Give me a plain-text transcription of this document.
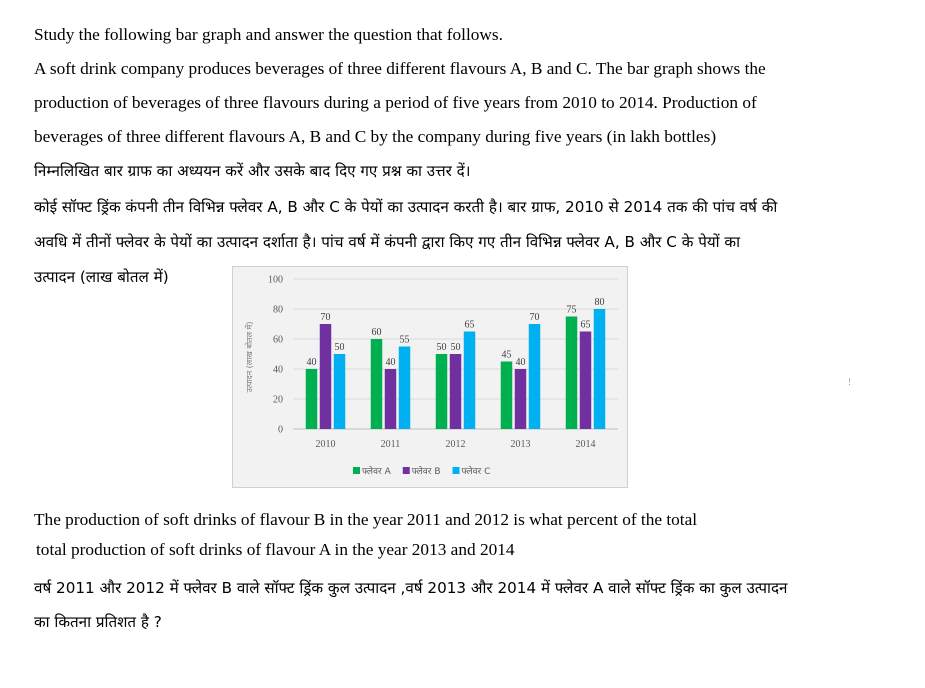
Study the following bar graph and answer the question that follows.
A soft drink company produces beverages of three different flavours A, B and C. The bar graph shows the
production of beverages of three flavours during a period of five years from 2010 to 2014. Production of
beverages of three different flavours A, B and C by the company during five years (in lakh bottles)
निम्नलिखित बार ग्राफ का अध्ययन करें और उसके बाद दिए गए प्रश्न का उत्तर दें।
कोई सॉफ्ट ड्रिंक कंपनी तीन विभिन्न फ्लेवर A, B और C के पेयों का उत्पादन करती है। बार ग्राफ, 2010 से 2014 तक की पांच वर्ष की
अवधि में तीनों फ्लेवर के पेयों का उत्पादन दर्शाता है। पांच वर्ष में कंपनी द्वारा किए गए तीन विभिन्न फ्लेवर A, B और C के पेयों का
उत्पादन (लाख बोतल में)
0
20
40
60
80
100
40
70
50
60
40
55
50 50
65
45
40
70
75
65
80
2010	2011	2012	2013	2014
उत्पादन (लाख बोतल में)
फ्लेवर A फ्लेवर B फ्लेवर C
!
The production of soft drinks of flavour B in the year 2011 and 2012 is what percent of the total
total production of soft drinks of flavour A in the year 2013 and 2014
वर्ष 2011 और 2012 में फ्लेवर B वाले सॉफ्ट ड्रिंक कुल उत्पादन ,वर्ष 2013 और 2014 में फ्लेवर A वाले सॉफ्ट ड्रिंक का कुल उत्पादन
का कितना प्रतिशत है ?
